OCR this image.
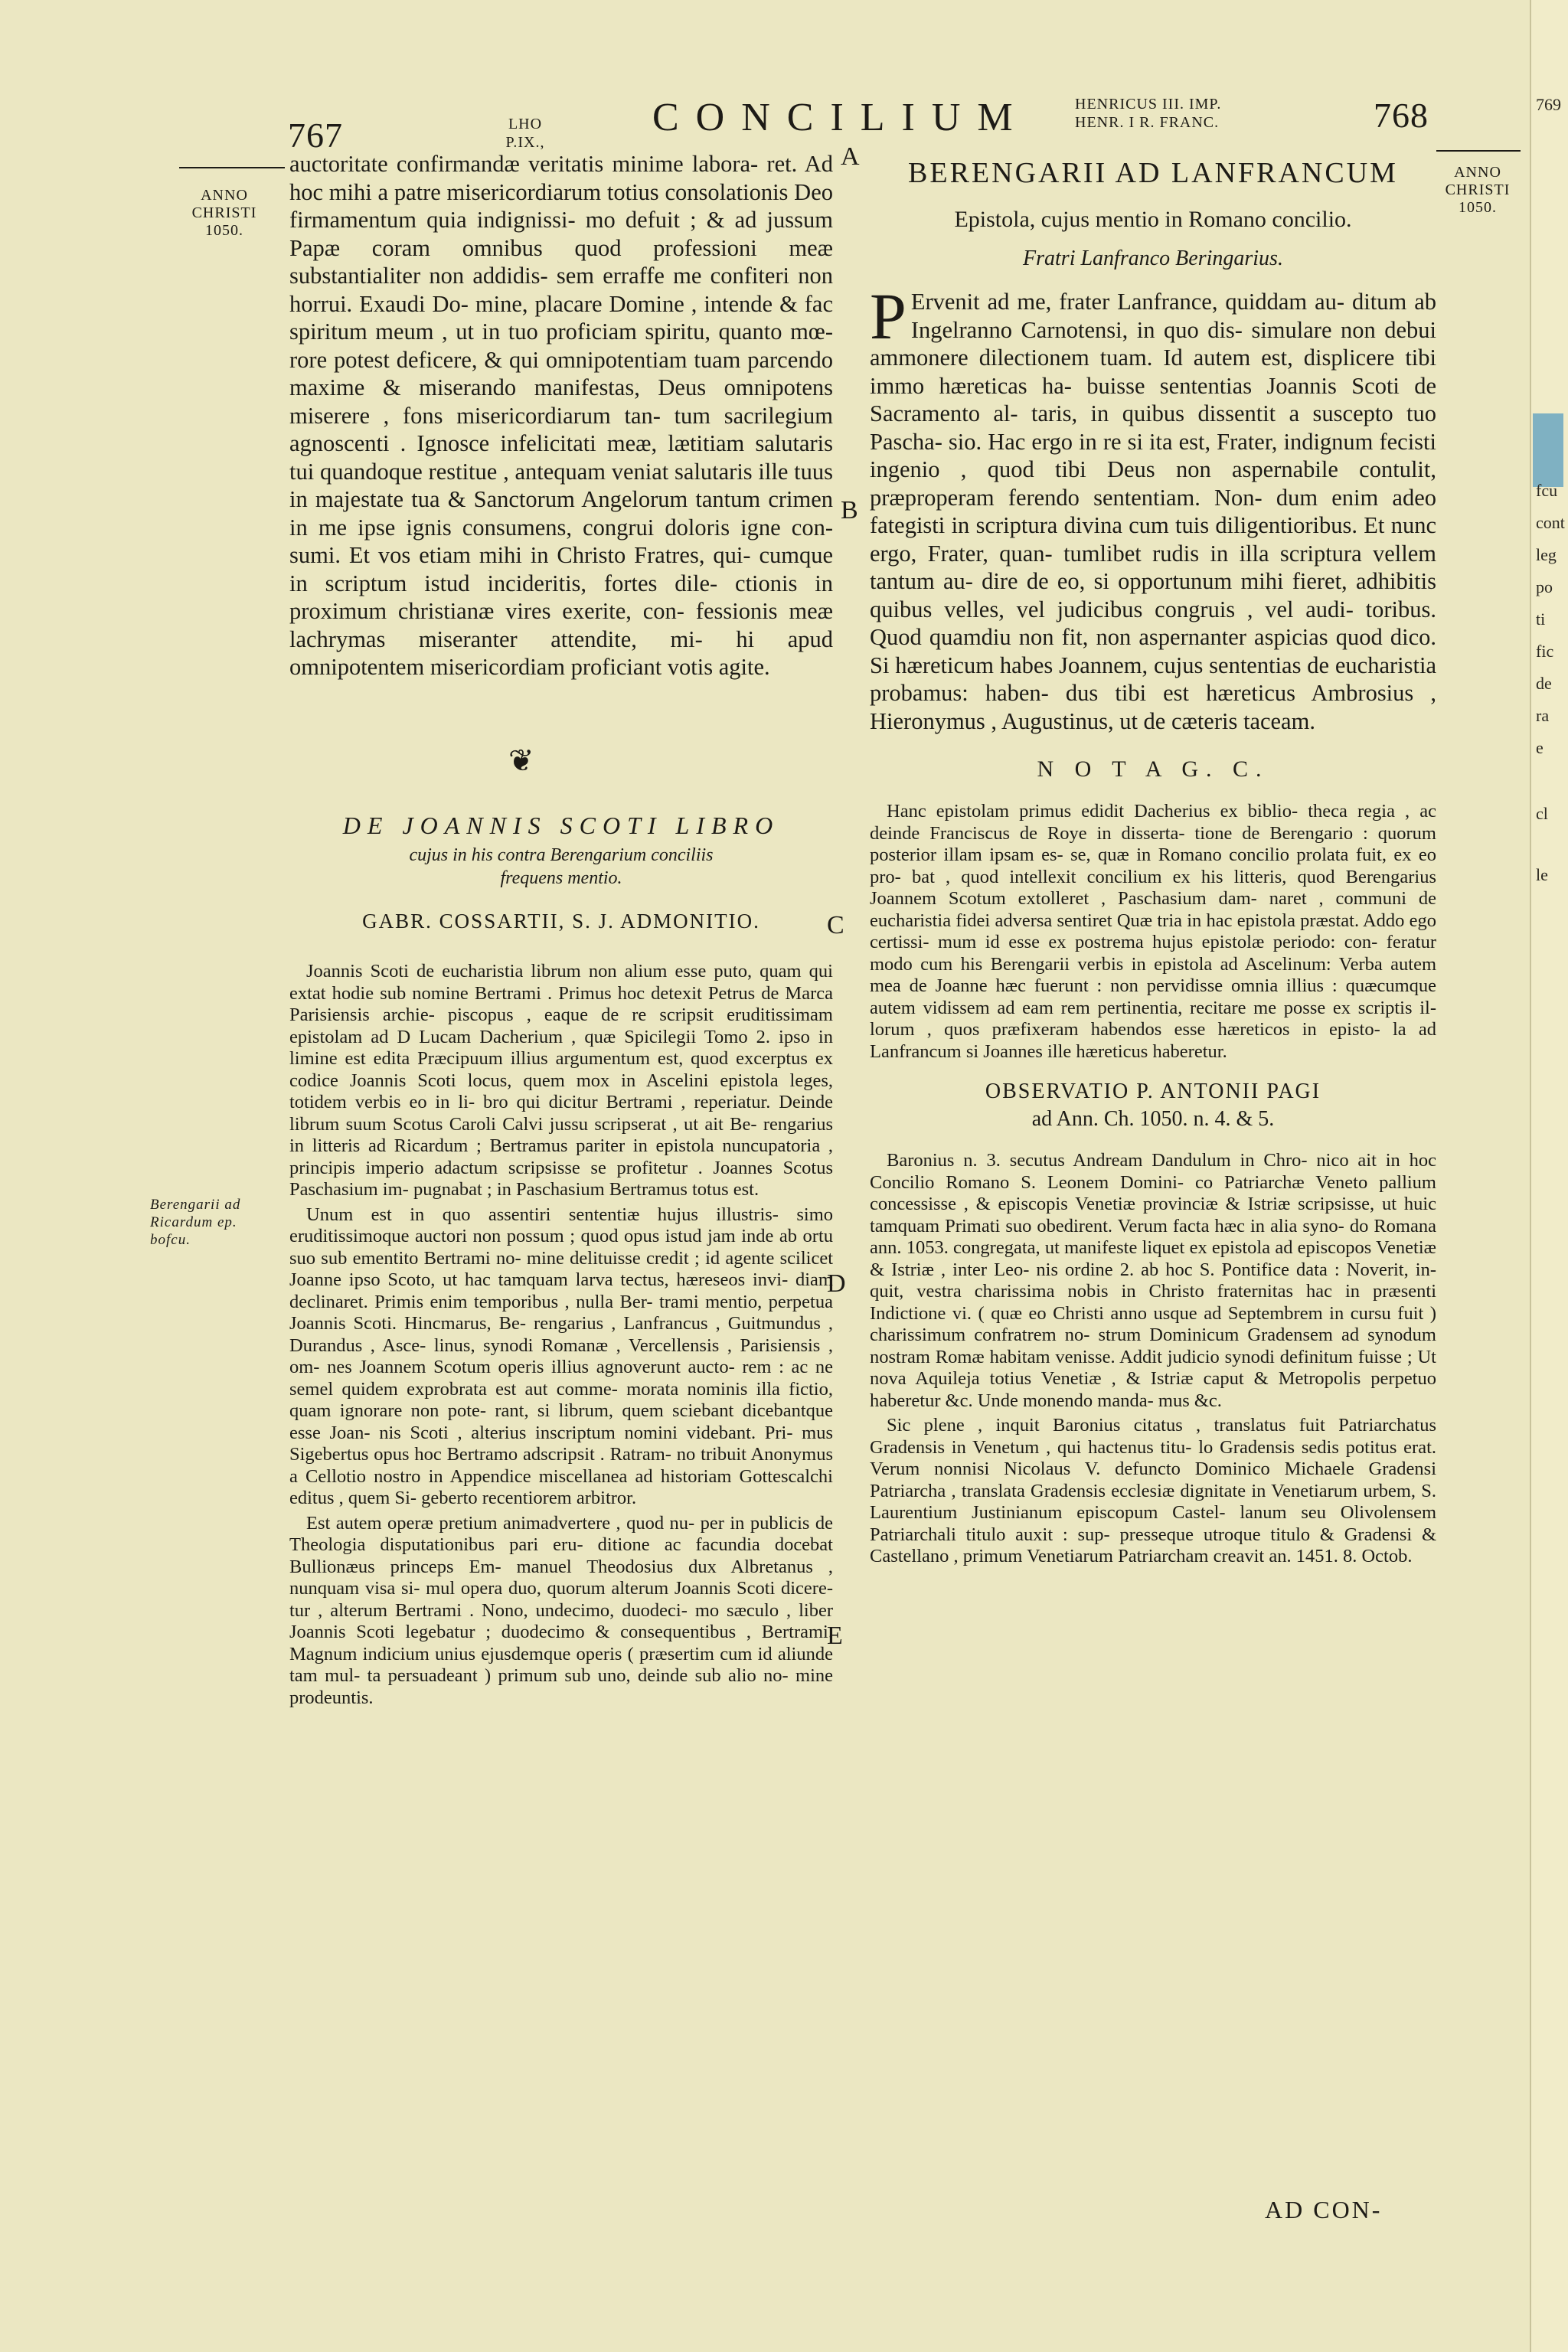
767	LHO
P.IX.,
CONCILIUM	HENRICUS III. IMP.
HENR. I R. FRANC.	768
ANNO
CHRISTI
1050.
ANNO
CHRISTI
1050.
Berengarii ad
Ricardum ep.
bofcu.
A
B
C
D
E
auctoritate confirmandæ veritatis minime labora- ret. Ad hoc mihi a patre misericordiarum totius consolationis Deo firmamentum quia indignissi- mo defuit ; & ad jussum Papæ coram omnibus quod professioni meæ substantialiter non addidis- sem erraffe me confiteri non horrui. Exaudi Do- mine, placare Domine , intende & fac spiritum meum , ut in tuo proficiam spiritu, quanto mœ- rore potest deficere, & qui omnipotentiam tuam parcendo maxime & miserando manifestas, Deus omnipotens miserere , fons misericordiarum tan- tum sacrilegium agnoscenti . Ignosce infelicitati meæ, lætitiam salutaris tui quandoque restitue , antequam veniat salutaris ille tuus in majestate tua & Sanctorum Angelorum tantum crimen in me ipse ignis consumens, congrui doloris igne con- sumi. Et vos etiam mihi in Christo Fratres, qui- cumque in scriptum istud incideritis, fortes dile- ctionis in proximum christianæ vires exerite, con- fessionis meæ lachrymas miseranter attendite, mi- hi apud omnipotentem misericordiam proficiant votis agite.
❦
DE JOANNIS SCOTI LIBRO
cujus in his contra Berengarium conciliis
frequens mentio.
GABR. COSSARTII, S. J. ADMONITIO.

Joannis Scoti de eucharistia librum non alium esse puto, quam qui extat hodie sub nomine Bertrami . Primus hoc detexit Petrus de Marca Parisiensis archie- piscopus , eaque de re scripsit eruditissimam epistolam ad D Lucam Dacherium , quæ Spicilegii Tomo 2. ipso in limine est edita Præcipuum illius argumentum est, quod excerptus ex codice Joannis Scoti locus, quem mox in Ascelini epistola leges, totidem verbis eo in li- bro qui dicitur Bertrami , reperiatur. Deinde librum suum Scotus Caroli Calvi jussu scripserat , ut ait Be- rengarius in litteris ad Ricardum ; Bertramus pariter in epistola nuncupatoria , principis imperio adactum scripsisse se profitetur . Joannes Scotus Paschasium im- pugnabat ; in Paschasium Bertramus totus est.

Unum est in quo assentiri sententiæ hujus illustris- simo eruditissimoque auctori non possum ; quod opus istud jam inde ab ortu suo sub ementito Bertrami no- mine delituisse credit ; id agente scilicet Joanne ipso Scoto, ut hac tamquam larva tectus, hæreseos invi- diam declinaret. Primis enim temporibus , nulla Ber- trami mentio, perpetua Joannis Scoti. Hincmarus, Be- rengarius , Lanfrancus , Guitmundus , Durandus , Asce- linus, synodi Romanæ , Vercellensis , Parisiensis , om- nes Joannem Scotum operis illius agnoverunt aucto- rem : ac ne semel quidem exprobrata est aut comme- morata nominis illa fictio, quam ignorare non pote- rant, si librum, quem sciebant dicebantque esse Joan- nis Scoti , alterius inscriptum nomini videbant. Pri- mus Sigebertus opus hoc Bertramo adscripsit . Ratram- no tribuit Anonymus a Cellotio nostro in Appendice miscellanea ad historiam Gottescalchi editus , quem Si- geberto recentiorem arbitror.

Est autem operæ pretium animadvertere , quod nu- per in publicis de Theologia disputationibus pari eru- ditione ac facundia docebat Bullionæus princeps Em- manuel Theodosius dux Albretanus , nunquam visa si- mul opera duo, quorum alterum Joannis Scoti dicere- tur , alterum Bertrami . Nono, undecimo, duodeci- mo sæculo , liber Joannis Scoti legebatur ; duodecimo & consequentibus , Bertrami. Magnum indicium unius ejusdemque operis ( præsertim cum id aliunde tam mul- ta persuadeant ) primum sub uno, deinde sub alio no- mine prodeuntis.

BERENGARII AD LANFRANCUM
Epistola, cujus mentio in Romano concilio.
Fratri Lanfranco Beringarius.
P Ervenit ad me, frater Lanfrance, quiddam au- ditum ab Ingelranno Carnotensi, in quo dis- simulare non debui ammonere dilectionem tuam. Id autem est, displicere tibi immo hæreticas ha- buisse sententias Joannis Scoti de Sacramento al- taris, in quibus dissentit a suscepto tuo Pascha- sio. Hac ergo in re si ita est, Frater, indignum fecisti ingenio , quod tibi Deus non aspernabile contulit, præproperam ferendo sententiam. Non- dum enim adeo fategisti in scriptura divina cum tuis diligentioribus. Et nunc ergo, Frater, quan- tumlibet rudis in illa scriptura vellem tantum au- dire de eo, si opportunum mihi fieret, adhibitis quibus velles, vel judicibus congruis , vel audi- toribus. Quod quamdiu non fit, non aspernanter aspicias quod dico. Si hæreticum habes Joannem, cujus sententias de eucharistia probamus: haben- dus tibi est hæreticus Ambrosius , Hieronymus , Augustinus, ut de cæteris taceam.
N O T A G. C.

Hanc epistolam primus edidit Dacherius ex biblio- theca regia , ac deinde Franciscus de Roye in disserta- tione de Berengario : quorum posterior illam ipsam es- se, quæ in Romano concilio prolata fuit, ex eo pro- bat , quod intellexit concilium ex his litteris, quod Berengarius Joannem Scotum extolleret , Paschasium dam- naret , communi de eucharistia fidei adversa sentiret Quæ tria in hac epistola præstat. Addo ego certissi- mum id esse ex postrema hujus epistolæ periodo: con- feratur modo cum his Berengarii verbis in epistola ad Ascelinum: Verba autem mea de Joanne hæc fuerunt : non pervidisse omnia illius : quæcumque autem vidissem ad eam rem pertinentia, recitare me posse ex scriptis il- lorum , quos præfixeram habendos esse hæreticos in episto- la ad Lanfrancum si Joannes ille hæreticus haberetur.

OBSERVATIO P. ANTONII PAGI
ad Ann. Ch. 1050. n. 4. & 5.

Baronius n. 3. secutus Andream Dandulum in Chro- nico ait in hoc Concilio Romano S. Leonem Domini- co Patriarchæ Veneto pallium concessisse , & episcopis Venetiæ provinciæ & Istriæ scripsisse, ut huic tamquam Primati suo obedirent. Verum facta hæc in alia syno- do Romana ann. 1053. congregata, ut manifeste liquet ex epistola ad episcopos Venetiæ & Istriæ , inter Leo- nis ordine 2. ab hoc S. Pontifice data : Noverit, in- quit, vestra charissima nobis in Christo fraternitas hac in præsenti Indictione vi. ( quæ eo Christi anno usque ad Septembrem in cursu fuit ) charissimum confratrem no- strum Dominicum Gradensem ad synodum nostram Romæ habitam venisse. Addit judicio synodi definitum fuisse ; Ut nova Aquileja totius Venetiæ , & Istriæ caput & Metropolis perpetuo haberetur &c. Unde monendo manda- mus &c.

Sic plene , inquit Baronius citatus , translatus fuit Patriarchatus Gradensis in Venetum , qui hactenus titu- lo Gradensis sedis potitus erat. Verum nonnisi Nicolaus V. defuncto Dominico Michaele Gradensi Patriarcha , translata Gradensis ecclesiæ dignitate in Venetiarum urbem, S. Laurentium Justinianum episcopum Castel- lanum seu Olivolensem Patriarchali titulo auxit : sup- presseque utroque titulo & Gradensi & Castellano , primum Venetiarum Patriarcham creavit an. 1451. 8. Octob.

AD CON-
769
fcu
cont
leg
po
ti
fic
de
ra
e
cl
le
